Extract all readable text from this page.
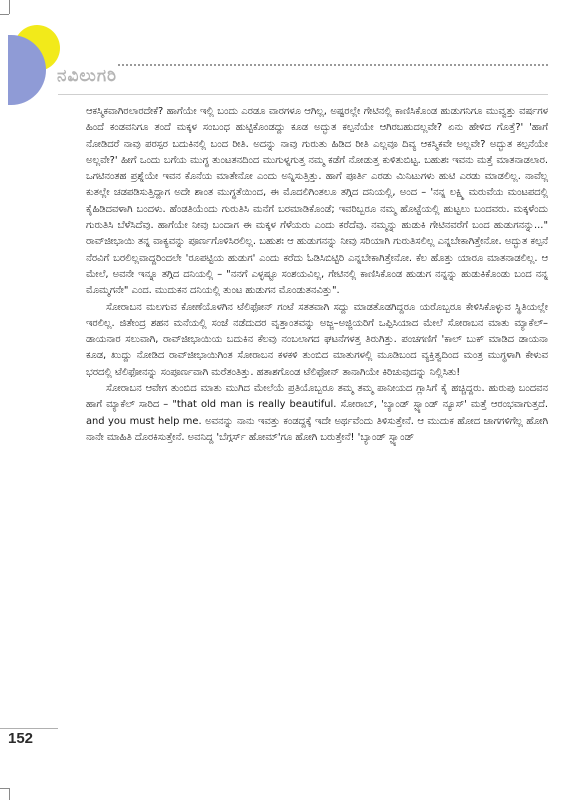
ನವಿಲುಗರಿ

ಆಕಸ್ಮಿಕವಾಗಿರಲಾರದೇಕೆ? ಹಾಗೆಯೇ ಇಲ್ಲಿ ಬಂದು ಎರಡೂ ವಾರಗಳೂ ಆಗಿಲ್ಲ, ಅಷ್ಟರಲ್ಲೇ ಗೇಟಿನಲ್ಲಿ ಕಾಣಿಸಿಕೊಂಡ ಹುಡುಗನಿಗೂ ಮುವ್ವತ್ತು ವರ್ಷಗಳ ಹಿಂದೆ ಕಂಡವನಿಗೂ ತಂದೆ ಮಕ್ಕಳ ಸಂಬಂಧ ಹುಟ್ಟಿಕೊಂಡದ್ದು ಕೂಡ ಅದ್ಭುತ ಕಲ್ಪನೆಯೇ ಆಗಿರಬಹುದಲ್ಲವೇ? ಏನು ಹೇಳಿದ ಗೊತ್ತೆ?' 'ಹಾಗೆ ನೋಡಿದರೆ ನಾವು ಪರಸ್ಪರ ಬದುಕಿನಲ್ಲಿ ಬಂದ ರೀತಿ. ಅದನ್ನು ನಾವು ಗುರುತು ಹಿಡಿದ ರೀತಿ ಎಲ್ಲವೂ ದಿವ್ಯ ಆಕಸ್ಮಿಕವೇ ಅಲ್ಲವೇ? ಅದ್ಭುತ ಕಲ್ಪನೆಯೇ ಅಲ್ಲವೇ?' ಹೀಗೆ ಒಂದು ಬಗೆಯ ಮುಗ್ಧ ತುಂಟತನದಿಂದ ಮುಗುಳ್ನಗುತ್ತ ನಮ್ಮ ಕಡೆಗೆ ನೋಡುತ್ತ ಕುಳಿತುಬಿಟ್ಟ. ಬಹುಶಃ ಇವನು ಮತ್ತೆ ಮಾತನಾಡಲಾರ. ಒಗಟಿನಂತಹ ಪ್ರಶ್ನೆಯೇ ಇವನ ಕೊನೆಯ ಮಾತೇನೋ ಎಂದು ಅನ್ನಿಸುತ್ತಿತ್ತು. ಹಾಗೆ ಪೂರ್ತಿ ಎರಡು ಮಿನಿಟುಗಳು ಹುಟಿ ಎರಡು ಮಾಡಲಿಲ್ಲ. ನಾವೆಲ್ಲ ಕುತಲ್ಲೇ ಚಡಪಡಿಸುತ್ತಿದ್ದಾಗ ಅದೇ ಶಾಂತ ಮುಗ್ಧತೆಯಿಂದ, ಈ ಮೊದಲಿಗಿಂತಲೂ ತಗ್ಗಿದ ದನಿಯಲ್ಲಿ, ಅಂದ – 'ನನ್ನ ಲಕ್ಷ್ಮಿ ಮರುವೆಯ ಮಂಟಪದಲ್ಲಿ ಕೈಹಿಡಿದವಳಾಗಿ ಬಂದಳು. ಹೆಂಡತಿಯೆಂದು ಗುರುತಿಸಿ ಮನೆಗೆ ಬರಮಾಡಿಕೊಂಡೆ; ಇವರಿಬ್ಬರೂ ನಮ್ಮ ಹೊಟ್ಟೆಯಲ್ಲಿ ಹುಟ್ಟಲು ಬಂದವರು. ಮಕ್ಕಳೆಂದು ಗುರುತಿಸಿ ಬೆಳೆಸಿದೆವು. ಹಾಗೆಯೇ ನೀವು ಬಂದಾಗ ಈ ಮಕ್ಕಳ ಗೆಳೆಯರು ಎಂದು ಕರೆದೆವು. ನಮ್ಮನ್ನು ಹುಡುಕಿ ಗೇಟಿನವರೆಗೆ ಬಂದ ಹುಡುಗನನ್ನು..." ರಾವ್‌ಜೀಭಾಯಿ ತನ್ನ ವಾಕ್ಯವನ್ನು ಪೂರ್ಣಗೊಳಿಸಿರಲಿಲ್ಲ. ಬಹುಶಃ ಆ ಹುಡುಗನನ್ನು ನೀವು ಸರಿಯಾಗಿ ಗುರುತಿಸಲಿಲ್ಲ ಎನ್ನಬೇಕಾಗಿತ್ತೇನೋ. ಅದ್ಭುತ ಕಲ್ಪನೆ ನೆರವಿಗೆ ಬರಲಿಲ್ಲವಾದ್ದರಿಂದಲೇ 'ರೂಪಟ್ಟಿಯ ಹುಡುಗ' ಎಂದು ಕರೆದು ಓಡಿಸಿಬಿಟ್ಟಿರಿ ಎನ್ನಬೇಕಾಗಿತ್ತೇನೋ. ಕೆಲ ಹೊತ್ತು ಯಾರೂ ಮಾತನಾಡಲಿಲ್ಲ. ಆ ಮೇಲೆ, ಅವನೇ ಇನ್ನೂ ತಗ್ಗಿದ ದನಿಯಲ್ಲಿ – "ನನಗೆ ಎಳ್ಳಷ್ಟೂ ಸಂಶಯವಿಲ್ಲ, ಗೇಟಿನಲ್ಲಿ ಕಾಣಿಸಿಕೊಂಡ ಹುಡುಗ ನನ್ನನ್ನು ಹುಡುಕಿಕೊಂಡು ಬಂದ ನನ್ನ ಮೊಮ್ಮಗನೇ" ಎಂದ. ಮುದುಕನ ದನಿಯಲ್ಲಿ ತುಂಟ ಹುಡುಗನ ಮೊಂಡುತನವಿತ್ತು".

ಸೋರಾಬನ ಮಲಗುವ ಕೋಣೆಯೊಳಗಿನ ಟೆಲಿಫೋನ್ ಗಂಟೆ ಸತತವಾಗಿ ಸದ್ದು ಮಾಡತೊಡಗಿದ್ದರೂ ಯರೊಬ್ಬರೂ ಕೇಳಿಸಿಕೊಳ್ಳುವ ಸ್ಥಿತಿಯಲ್ಲೇ ಇರಲಿಲ್ಲ. ಜಿತೇಂದ್ರ ಶಹನ ಮನೆಯಲ್ಲಿ ಸಂಜೆ ನಡೆದುದರ ವೃತ್ತಾಂತವನ್ನು ಅಜ್ಜ–ಅಜ್ಜಿಯರಿಗೆ ಒಪ್ಪಿಸಿಯಾದ ಮೇಲೆ ಸೋರಾಬನ ಮಾತು ಮ್ಯಾಕೆಲ್–ಡಾಯನಾರ ಸಲುವಾಗಿ, ರಾವ್‌ಜೀಭಾಯಿಯ ಬದುಕಿನ ಕೆಲವು ನಂಬಲಾಗದ ಘಟನೆಗಳತ್ತ ತಿರುಗಿತ್ತು. ಪಂಚಗಣಿಗೆ 'ಕಾಲ್ ಬುಕ್ ಮಾಡಿದ ಡಾಯನಾ ಕೂಡ, ಖುದ್ದು ನೋಡಿದ ರಾವ್‌ಜೀಭಾಯಿಗಿಂತ ಸೋರಾಬನ ಕಳಕಳಿ ತುಂಬಿದ ಮಾತುಗಳಲ್ಲಿ ಮೂಡಿಬಂದ ವ್ಯಕ್ತಿತ್ವದಿಂದ ಮಂತ್ರ ಮುಗ್ಧಳಾಗಿ ಕೇಳುವ ಭರದಲ್ಲಿ ಟೆಲಿಫೋನನ್ನು ಸಂಪೂರ್ಣವಾಗಿ ಮರೆತಂತಿತ್ತು. ಹತಾಶಗೊಂಡ ಟೆಲಿಫೋನ್ ತಾನಾಗಿಯೇ ಕಿರಿಚುವುದನ್ನು ನಿಲ್ಲಿಸಿತು!

ಸೋರಾಬನ ಆವೇಗ ತುಂಬಿದ ಮಾತು ಮುಗಿದ ಮೇಲೆಯೆ ಪ್ರತಿಯೊಬ್ಬರೂ ತಮ್ಮ ತಮ್ಮ ಪಾನೀಯದ ಗ್ಲಾಸಿಗೆ ಕೈ ಹಚ್ಚಿದ್ದರು. ಹುರುಪು ಬಂದವನ ಹಾಗೆ ಮ್ಯಾಕೆಲ್ ಸಾರಿದ – "that old man is really beautiful. ಸೋರಾಬ್, 'ಬ್ಯಾಂಡ್ ಸ್ಟ್ಯಾಂಡ್ ನ್ಯೂಸ್' ಮತ್ತೆ ಆರಂಭವಾಗುತ್ತದೆ. and you must help me. ಅವನನ್ನು ನಾನು ಇವತ್ತು ಕಂಡದ್ದಕ್ಕೆ ಇದೇ ಅರ್ಥವೆಂದು ತಿಳಿಸುತ್ತೇನೆ. ಆ ಮುದುಕ ಹೋದ ಜಾಗಗಳಿಗೆಲ್ಲ ಹೋಗಿ ನಾನೇ ಮಾಹಿತಿ ದೊರಕಿಸುತ್ತೇನೆ. ಅವನಿದ್ದ 'ಬೆಗ್ಗರ್ಸ್ ಹೋಮ್'ಗೂ ಹೋಗಿ ಬರುತ್ತೇನೆ! 'ಬ್ಯಾಂಡ್ ಸ್ಟ್ಯಾಂಡ್

152
